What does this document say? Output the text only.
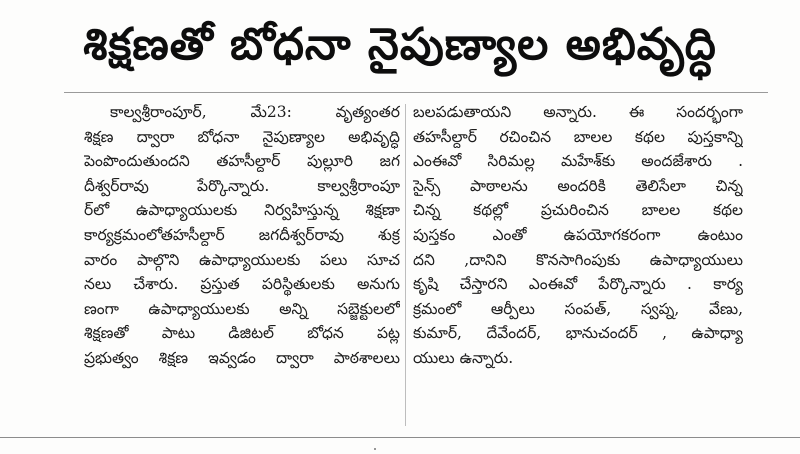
శిక్షణతో బోధనా నైపుణ్యాల అభివృద్ధి
కాల్వశ్రీరాంపూర్, మే23: వృత్యంతర
శిక్షణ ద్వారా బోధనా నైపుణ్యాల అభివృద్ధి
పెంపొందుతుందని తహసీల్దార్ పుల్లూరి జగ
దీశ్వర్‌రావు పేర్కొన్నారు. కాల్వశ్రీరాంపూ
ర్‌లో ఉపాధ్యాయులకు నిర్వహిస్తున్న శిక్షణా
కార్యక్రమంలోతహసీల్దార్ జగదీశ్వర్‌రావు శుక్ర
వారం పాల్గొని ఉపాధ్యాయులకు పలు సూచ
నలు చేశారు. ప్రస్తుత పరిస్థితులకు అనుగు
ణంగా ఉపాధ్యాయులకు అన్ని సబ్జెక్టులలో
శిక్షణతో పాటు డిజిటల్ బోధన పట్ల
ప్రభుత్వం శిక్షణ ఇవ్వడం ద్వారా పాఠశాలలు
బలపడుతాయని అన్నారు. ఈ సందర్భంగా
తహసీల్దార్ రచించిన బాలల కథల పుస్తకాన్ని
ఎంఈవో సిరిమల్ల మహేశ్‌కు అందజేశారు .
సైన్స్ పాఠాలను అందరికి తెలిసేలా చిన్న
చిన్న కథల్లో ప్రచురించిన బాలల కథల
పుస్తకం ఎంతో ఉపయోగకరంగా ఉంటుం
దని ,దానిని కొనసాగింపుకు ఉపాధ్యాయులు
కృషి చేస్తారని ఎంఈవో పేర్కొన్నారు . కార్య
క్రమంలో ఆర్పీలు సంపత్, స్వప్న, వేణు,
కుమార్, దేవేందర్, భానుచందర్ , ఉపాధ్యా
యులు ఉన్నారు.
